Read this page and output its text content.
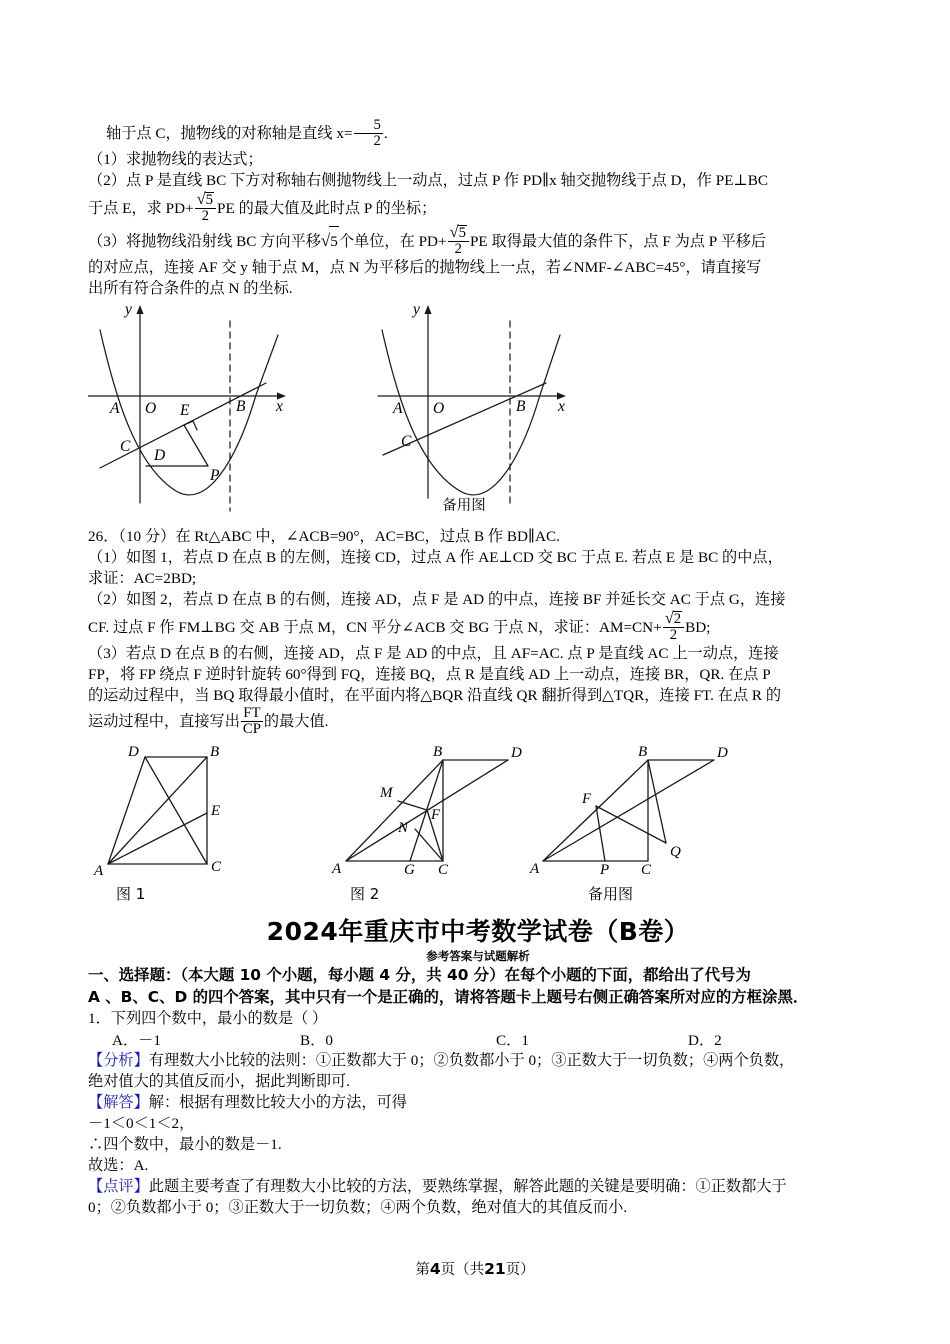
轴于点 C，抛物线的对称轴是直线 $x= \frac{5}{2}$ .
（1）求抛物线的表达式；
（2）点 P 是直线 BC 下方对称轴右侧抛物线上一动点，过点 P 作 PD∥x 轴交抛物线于点 D，作 PE⊥BC
于点 E，求 $PD+ \frac{√5}{2}$ PE 的最大值及此时点 P 的坐标；
（3）将抛物线沿射线 BC 方向平移√5个单位，在 $PD+ \frac{√5}{2}$ PE 取得最大值的条件下，点 F 为点 P 平移后
的对应点，连接 AF 交 y 轴于点 M，点 N 为平移后的抛物线上一点，若∠NMF‑∠ABC=45°，请直接写
出所有符合条件的点 N 的坐标.
y
x
A O E	B
C
D
P
y
x
A O	B
C
备用图
26．（10 分）在 Rt△ABC 中，∠ACB=90°，AC=BC，过点 B 作 BD∥AC.
（1）如图 1，若点 D 在点 B 的左侧，连接 CD，过点 A 作 AE⊥CD 交 BC 于点 E. 若点 E 是 BC 的中点，
求证：AC=2BD;
（2）如图 2，若点 D 在点 B 的右侧，连接 AD，点 F 是 AD 的中点，连接 BF 并延长交 AC 于点 G，连接
CF. 过点 F 作 FM⊥BG 交 AB 于点 M，CN 平分∠ACB 交 BG 于点 N，求证：$AM=CN+ \frac{√2}{2}$ BD;
（3）若点 D 在点 B 的右侧，连接 AD，点 F 是 AD 的中点，且 AF=AC. 点 P 是直线 AC 上一动点，连接
FP，将 FP 绕点 F 逆时针旋转 60°得到 FQ，连接 BQ，点 R 是直线 AD 上一动点，连接 BR，QR. 在点 P
的运动过程中，当 BQ 取得最小值时，在平面内将△BQR 沿直线 QR 翻折得到△TQR，连接 FT. 在点 R 的
运动过程中，直接写出 $\frac{FT}{CP}$ 的最大值.
D	B
E
A	C
B	D
M
F
N
A	G C
B	D
F
Q
A	P C
图 1	图 2	备用图
2024年重庆市中考数学试卷（B卷）
参考答案与试题解析
一、选择题：（本大题 10 个小题，每小题 4 分，共 40 分）在每个小题的下面，都给出了代号为
A 、B、C、D 的四个答案，其中只有一个是正确的，请将答题卡上题号右侧正确答案所对应的方框涂黑．
1．下列四个数中，最小的数是（ ）
A．－1	B．0	C．1	D．2
【分析】有理数大小比较的法则：①正数都大于 0；②负数都小于 0；③正数大于一切负数；④两个负数，
绝对值大的其值反而小，据此判断即可.
【解答】解：根据有理数比较大小的方法，可得
－1＜0＜1＜2，
∴四个数中，最小的数是－1.
故选：A.
【点评】此题主要考查了有理数大小比较的方法，要熟练掌握，解答此题的关键是要明确：①正数都大于
0；②负数都小于 0；③正数大于一切负数；④两个负数，绝对值大的其值反而小.
第4页（共21页）
